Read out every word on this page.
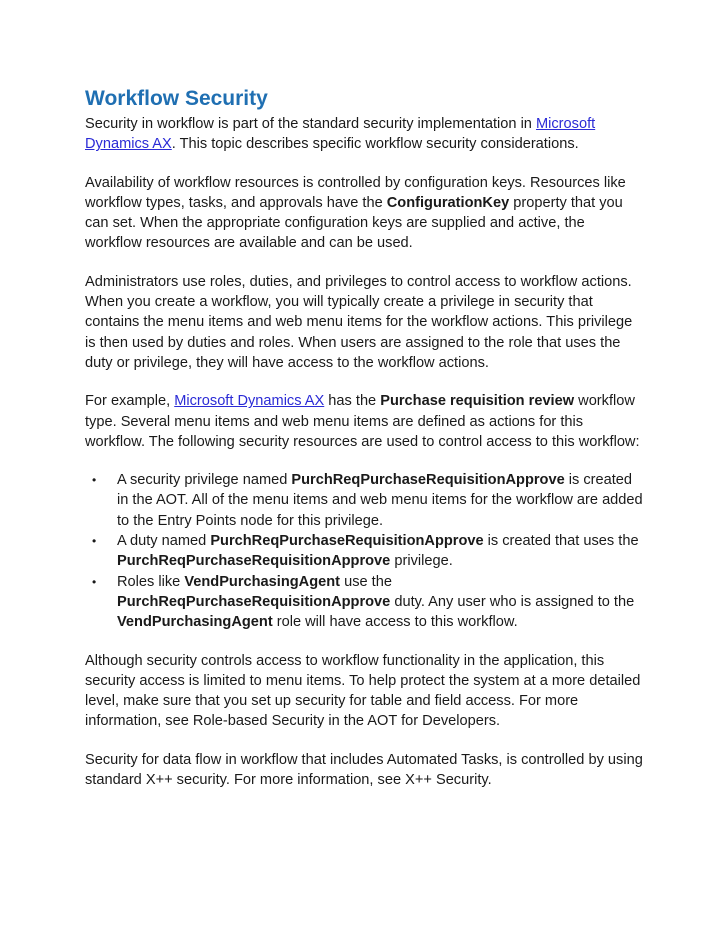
Workflow Security

Security in workflow is part of the standard security implementation in Microsoft Dynamics AX. This topic describes specific workflow security considerations.

Availability of workflow resources is controlled by configuration keys. Resources like workflow types, tasks, and approvals have the ConfigurationKey property that you can set. When the appropriate configuration keys are supplied and active, the workflow resources are available and can be used.

Administrators use roles, duties, and privileges to control access to workflow actions. When you create a workflow, you will typically create a privilege in security that contains the menu items and web menu items for the workflow actions. This privilege is then used by duties and roles. When users are assigned to the role that uses the duty or privilege, they will have access to the workflow actions.

For example, Microsoft Dynamics AX has the Purchase requisition review workflow type. Several menu items and web menu items are defined as actions for this workflow. The following security resources are used to control access to this workflow:

• A security privilege named PurchReqPurchaseRequisitionApprove is created in the AOT. All of the menu items and web menu items for the workflow are added to the Entry Points node for this privilege.
• A duty named PurchReqPurchaseRequisitionApprove is created that uses the PurchReqPurchaseRequisitionApprove privilege.
• Roles like VendPurchasingAgent use the PurchReqPurchaseRequisitionApprove duty. Any user who is assigned to the VendPurchasingAgent role will have access to this workflow.

Although security controls access to workflow functionality in the application, this security access is limited to menu items. To help protect the system at a more detailed level, make sure that you set up security for table and field access. For more information, see Role-based Security in the AOT for Developers.

Security for data flow in workflow that includes Automated Tasks, is controlled by using standard X++ security. For more information, see X++ Security.
